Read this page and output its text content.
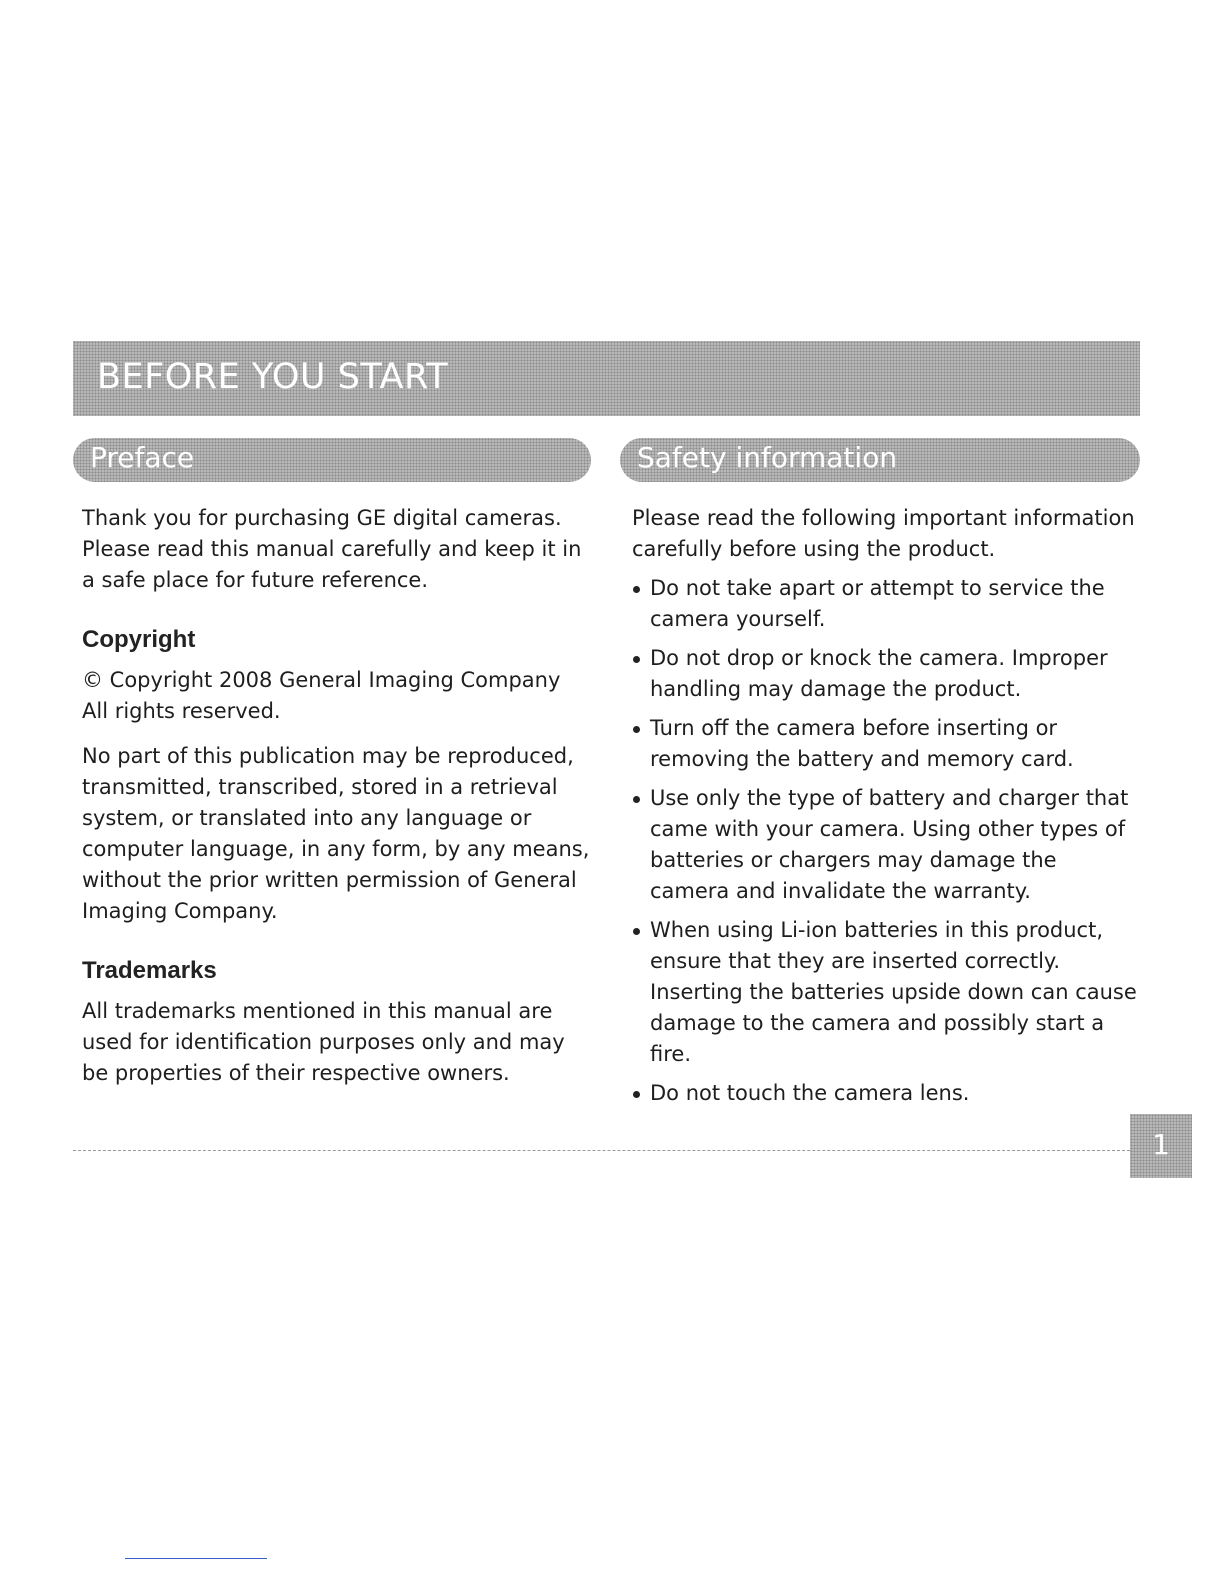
BEFORE YOU START
Preface	Safety information

Thank you for purchasing GE digital cameras. Please read this manual carefully and keep it in a safe place for future reference.

Copyright

© Copyright 2008 General Imaging Company All rights reserved.

No part of this publication may be reproduced, transmitted, transcribed, stored in a retrieval system, or translated into any language or computer language, in any form, by any means, without the prior written permission of General Imaging Company.

Trademarks

All trademarks mentioned in this manual are used for identification purposes only and may be properties of their respective owners.

Please read the following important information carefully before using the product.

Do not take apart or attempt to service the camera yourself.
Do not drop or knock the camera. Improper handling may damage the product.
Turn off the camera before inserting or removing the battery and memory card.
Use only the type of battery and charger that came with your camera. Using other types of batteries or chargers may damage the camera and invalidate the warranty.
When using Li-ion batteries in this product, ensure that they are inserted correctly. Inserting the batteries upside down can cause damage to the camera and possibly start a fire.
Do not touch the camera lens.
1
